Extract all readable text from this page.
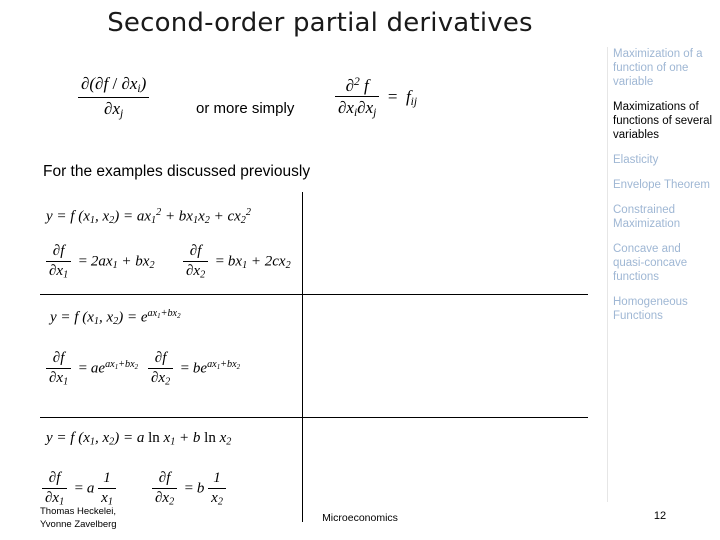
Second-order partial derivatives
Maximization of a function of one variable
Maximizations of functions of several variables
Elasticity
Envelope Theorem
Constrained Maximization
Concave and quasi-concave functions
Homogeneous Functions
$\frac{\partial(\partial f / \partial x_i)}{\partial x_j}$	or more simply $\frac{\partial^2 f}{\partial x_i\partial x_j} = f_{ij}$
For the examples discussed previously
y = f ($x_1$, $x_2) = ax_1^2 + bx_1x_2 + cx_2^2$
$\frac{\partial f}{\partial x_1} = 2ax_1 + bx_2 \frac{\partial f}{\partial x_2} = bx_1 + 2cx_2$
y = f ($x_1$, $x_2) = e^{ax_1+bx_2}$
$\frac{\partial f}{\partial x_1} = ae^{ax_1+bx_2} \frac{\partial f}{\partial x_2} = be^{ax_1+bx_2}$
y = f ($x_1$, $x_2) = a$ $\ln x_1 + b$ $\ln x_2$
$\frac{\partial f}{\partial x_1} = a \frac{1}{x_1} \frac{\partial f}{\partial x_2} = b \frac{1}{x_2}$
Thomas Heckelei,
Yvonne Zavelberg
Microeconomics	12
